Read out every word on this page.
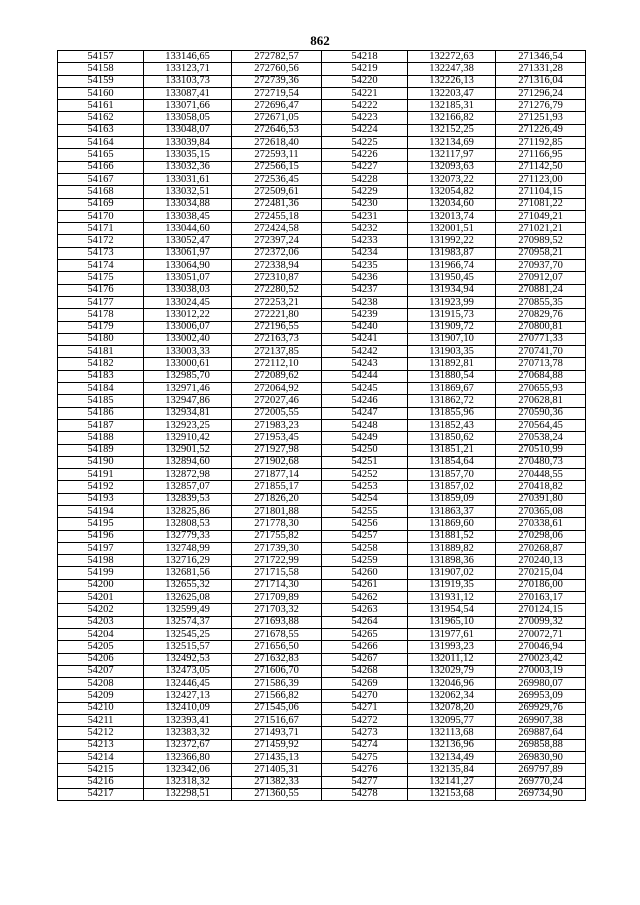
862
54157	133146,65	272782,57	54218	132272,63	271346,54
54158	133123,71	272760,56	54219	132247,38	271331,28
54159	133103,73	272739,36	54220	132226,13	271316,04
54160	133087,41	272719,54	54221	132203,47	271296,24
54161	133071,66	272696,47	54222	132185,31	271276,79
54162	133058,05	272671,05	54223	132166,82	271251,93
54163	133048,07	272646,53	54224	132152,25	271226,49
54164	133039,84	272618,40	54225	132134,69	271192,85
54165	133035,15	272593,11	54226	132117,97	271166,95
54166	133032,36	272566,15	54227	132093,63	271142,50
54167	133031,61	272536,45	54228	132073,22	271123,00
54168	133032,51	272509,61	54229	132054,82	271104,15
54169	133034,88	272481,36	54230	132034,60	271081,22
54170	133038,45	272455,18	54231	132013,74	271049,21
54171	133044,60	272424,58	54232	132001,51	271021,21
54172	133052,47	272397,24	54233	131992,22	270989,52
54173	133061,97	272372,06	54234	131983,87	270958,21
54174	133064,90	272338,94	54235	131966,74	270937,70
54175	133051,07	272310,87	54236	131950,45	270912,07
54176	133038,03	272280,52	54237	131934,94	270881,24
54177	133024,45	272253,21	54238	131923,99	270855,35
54178	133012,22	272221,80	54239	131915,73	270829,76
54179	133006,07	272196,55	54240	131909,72	270800,81
54180	133002,40	272163,73	54241	131907,10	270771,33
54181	133003,33	272137,85	54242	131903,35	270741,70
54182	133000,61	272112,10	54243	131892,81	270713,78
54183	132985,70	272089,62	54244	131880,54	270684,88
54184	132971,46	272064,92	54245	131869,67	270655,93
54185	132947,86	272027,46	54246	131862,72	270628,81
54186	132934,81	272005,55	54247	131855,96	270590,36
54187	132923,25	271983,23	54248	131852,43	270564,45
54188	132910,42	271953,45	54249	131850,62	270538,24
54189	132901,52	271927,98	54250	131851,21	270510,99
54190	132894,60	271902,68	54251	131854,64	270480,73
54191	132872,98	271877,14	54252	131857,70	270448,55
54192	132857,07	271855,17	54253	131857,02	270418,82
54193	132839,53	271826,20	54254	131859,09	270391,80
54194	132825,86	271801,88	54255	131863,37	270365,08
54195	132808,53	271778,30	54256	131869,60	270338,61
54196	132779,33	271755,82	54257	131881,52	270298,06
54197	132748,99	271739,30	54258	131889,82	270268,87
54198	132716,29	271722,99	54259	131898,36	270240,13
54199	132681,56	271715,58	54260	131907,02	270215,04
54200	132655,32	271714,30	54261	131919,35	270186,00
54201	132625,08	271709,89	54262	131931,12	270163,17
54202	132599,49	271703,32	54263	131954,54	270124,15
54203	132574,37	271693,88	54264	131965,10	270099,32
54204	132545,25	271678,55	54265	131977,61	270072,71
54205	132515,57	271656,50	54266	131993,23	270046,94
54206	132492,53	271632,83	54267	132011,12	270023,42
54207	132473,05	271606,70	54268	132029,79	270003,19
54208	132446,45	271586,39	54269	132046,96	269980,07
54209	132427,13	271566,82	54270	132062,34	269953,09
54210	132410,09	271545,06	54271	132078,20	269929,76
54211	132393,41	271516,67	54272	132095,77	269907,38
54212	132383,32	271493,71	54273	132113,68	269887,64
54213	132372,67	271459,92	54274	132136,96	269858,88
54214	132366,80	271435,13	54275	132134,49	269830,90
54215	132342,06	271405,31	54276	132135,84	269797,89
54216	132318,32	271382,33	54277	132141,27	269770,24
54217	132298,51	271360,55	54278	132153,68	269734,90
